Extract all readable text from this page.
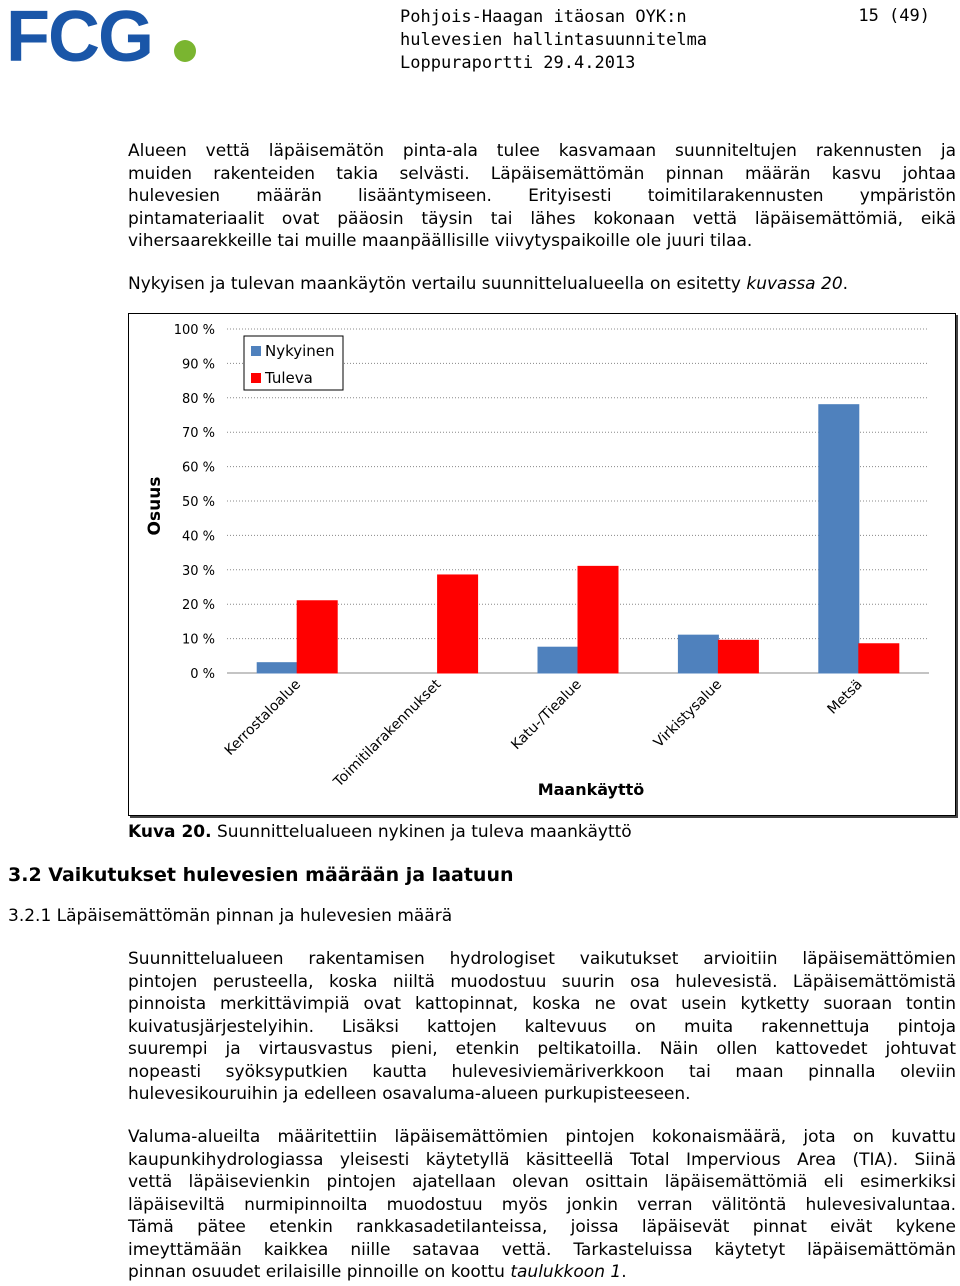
FCG	Pohjois-Haagan itäosan OYK:n
hulevesien hallintasuunnitelma
Loppuraportti 29.4.2013
15 (49)
Alueen vettä läpäisemätön pinta-ala tulee kasvamaan suunniteltujen rakennusten ja
muiden rakenteiden takia selvästi. Läpäisemättömän pinnan määrän kasvu johtaa
hulevesien määrän lisääntymiseen. Erityisesti toimitilarakennusten ympäristön
pintamateriaalit ovat pääosin täysin tai lähes kokonaan vettä läpäisemättömiä, eikä
vihersaarekkeille tai muille maanpäällisille viivytyspaikoille ole juuri tilaa.
Nykyisen ja tulevan maankäytön vertailu suunnittelualueella on esitetty kuvassa 20.
0 %
10 %
20 %
30 %
40 %
50 %
60 %
70 %
80 %
90 %
100 %
Kerrostaloalue Toimitilarakennukset	Katu-/Tiealue	Virkistysalue	Metsä
Maankäyttö
Osuus
Nykyinen
Tuleva
Kuva 20. Suunnittelualueen nykinen ja tuleva maankäyttö
3.2 Vaikutukset hulevesien määrään ja laatuun
3.2.1 Läpäisemättömän pinnan ja hulevesien määrä
Suunnittelualueen rakentamisen hydrologiset vaikutukset arvioitiin läpäisemättömien
pintojen perusteella, koska niiltä muodostuu suurin osa hulevesistä. Läpäisemättömistä
pinnoista merkittävimpiä ovat kattopinnat, koska ne ovat usein kytketty suoraan tontin
kuivatusjärjestelyihin. Lisäksi kattojen kaltevuus on muita rakennettuja pintoja
suurempi ja virtausvastus pieni, etenkin peltikatoilla. Näin ollen kattovedet johtuvat
nopeasti syöksyputkien kautta hulevesiviemäriverkkoon tai maan pinnalla oleviin
hulevesikouruihin ja edelleen osavaluma-alueen purkupisteeseen.
Valuma-alueilta määritettiin läpäisemättömien pintojen kokonaismäärä, jota on kuvattu
kaupunkihydrologiassa yleisesti käytetyllä käsitteellä Total Impervious Area (TIA). Siinä
vettä läpäisevienkin pintojen ajatellaan olevan osittain läpäisemättömiä eli esimerkiksi
läpäiseviltä nurmipinnoilta muodostuu myös jonkin verran välitöntä hulevesivaluntaa.
Tämä pätee etenkin rankkasadetilanteissa, joissa läpäisevät pinnat eivät kykene
imeyttämään kaikkea niille satavaa vettä. Tarkasteluissa käytetyt läpäisemättömän
pinnan osuudet erilaisille pinnoille on koottu taulukkoon 1.
